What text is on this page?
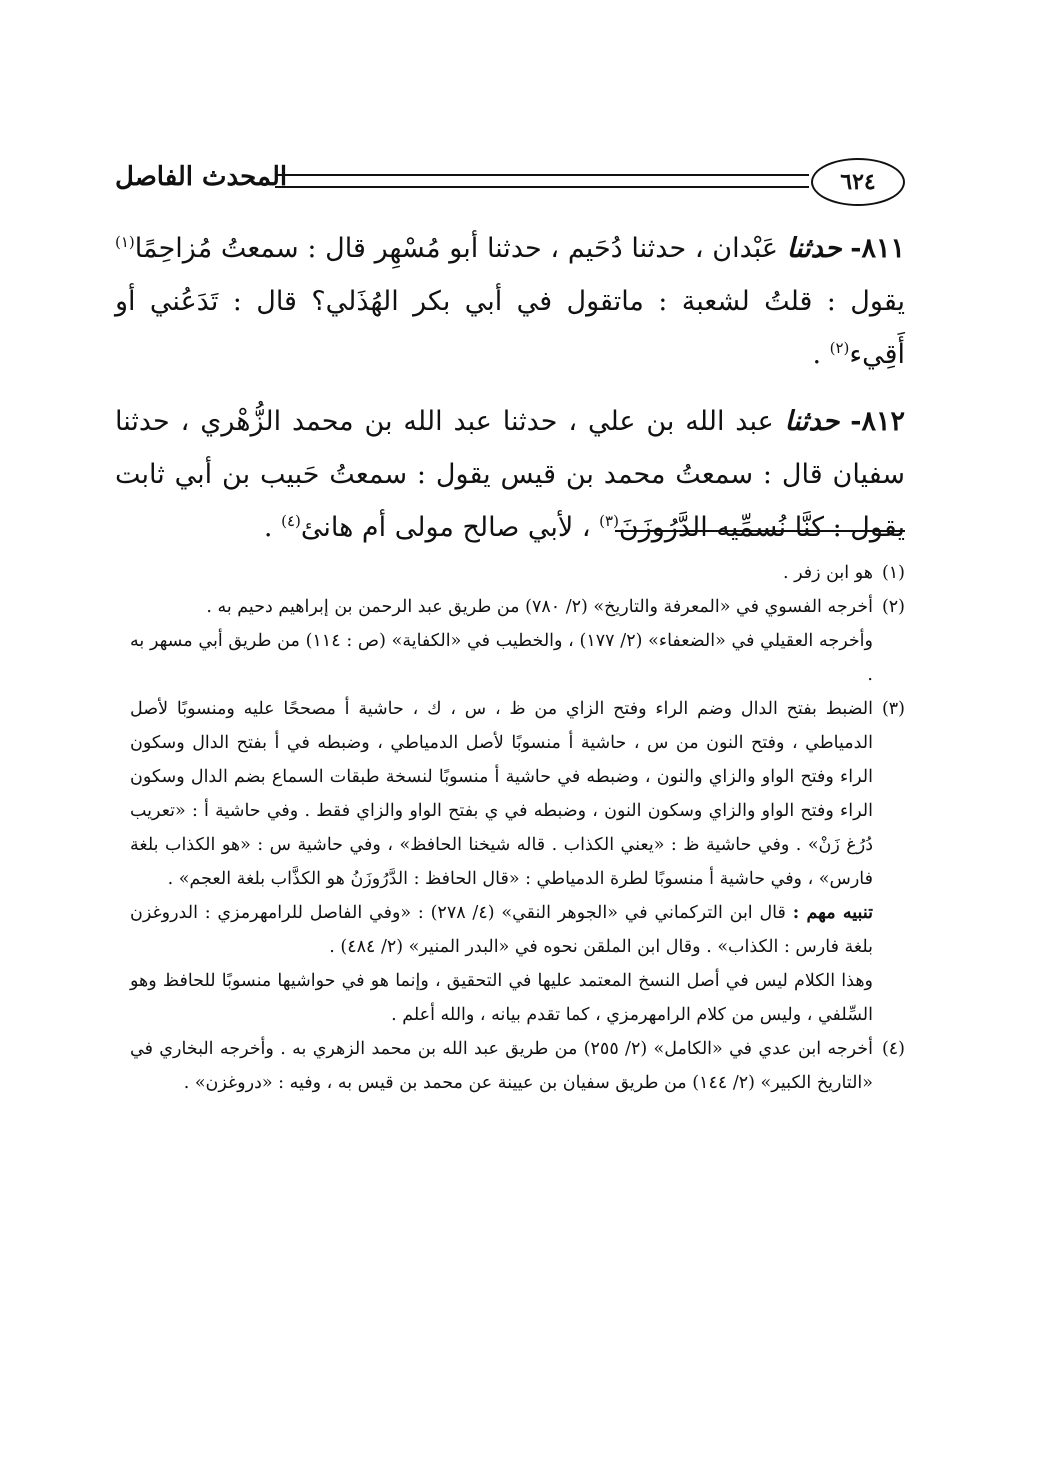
٦٢٤
المحدث الفاصل

٨١١- حدثنا عَبْدان ، حدثنا دُحَيم ، حدثنا أبو مُسْهِر قال : سمعتُ مُزاحِمًا$^{(١)}$ يقول : قلتُ لشعبة : ماتقول في أبي بكر الهُذَلي؟ قال : تَدَعُني أو أَقِيء$^{(٢)}$ .

٨١٢- حدثنا عبد الله بن علي ، حدثنا عبد الله بن محمد الزُّهْري ، حدثنا سفيان قال : سمعتُ محمد بن قيس يقول : سمعتُ حَبيب بن أبي ثابت يقول : كنَّا نُسمِّيه الدَّرُوزَنَ$^{(٣)}$ ، لأبي صالح مولى أم هانئ$^{(٤)}$ .

(١)
هو ابن زفر .

(٢)
أخرجه الفسوي في «المعرفة والتاريخ» (٢/ ٧٨٠) من طريق عبد الرحمن بن إبراهيم دحيم به .

وأخرجه العقيلي في «الضعفاء» (٢/ ١٧٧) ، والخطيب في «الكفاية» (ص : ١١٤) من طريق أبي مسهر به .

(٣)
الضبط بفتح الدال وضم الراء وفتح الزاي من ظ ، س ، ك ، حاشية أ مصححًا عليه ومنسوبًا لأصل الدمياطي ، وفتح النون من س ، حاشية أ منسوبًا لأصل الدمياطي ، وضبطه في أ بفتح الدال وسكون الراء وفتح الواو والزاي والنون ، وضبطه في حاشية أ منسوبًا لنسخة طبقات السماع بضم الدال وسكون الراء وفتح الواو والزاي وسكون النون ، وضبطه في ي بفتح الواو والزاي فقط . وفي حاشية أ : «تعريب دُرُغ زَنْ» . وفي حاشية ظ : «يعني الكذاب . قاله شيخنا الحافظ» ، وفي حاشية س : «هو الكذاب بلغة فارس» ، وفي حاشية أ منسوبًا لطرة الدمياطي : «قال الحافظ : الدَّرُوزَنُ هو الكذَّاب بلغة العجم» .

تنبيه مهم : قال ابن التركماني في «الجوهر النقي» (٤/ ٢٧٨) : «وفي الفاصل للرامهرمزي : الدروغزن بلغة فارس : الكذاب» . وقال ابن الملقن نحوه في «البدر المنير» (٢/ ٤٨٤) .

وهذا الكلام ليس في أصل النسخ المعتمد عليها في التحقيق ، وإنما هو في حواشيها منسوبًا للحافظ وهو السِّلفي ، وليس من كلام الرامهرمزي ، كما تقدم بيانه ، والله أعلم .

(٤)
أخرجه ابن عدي في «الكامل» (٢/ ٢٥٥) من طريق عبد الله بن محمد الزهري به . وأخرجه البخاري في «التاريخ الكبير» (٢/ ١٤٤) من طريق سفيان بن عيينة عن محمد بن قيس به ، وفيه : «دروغزن» .
